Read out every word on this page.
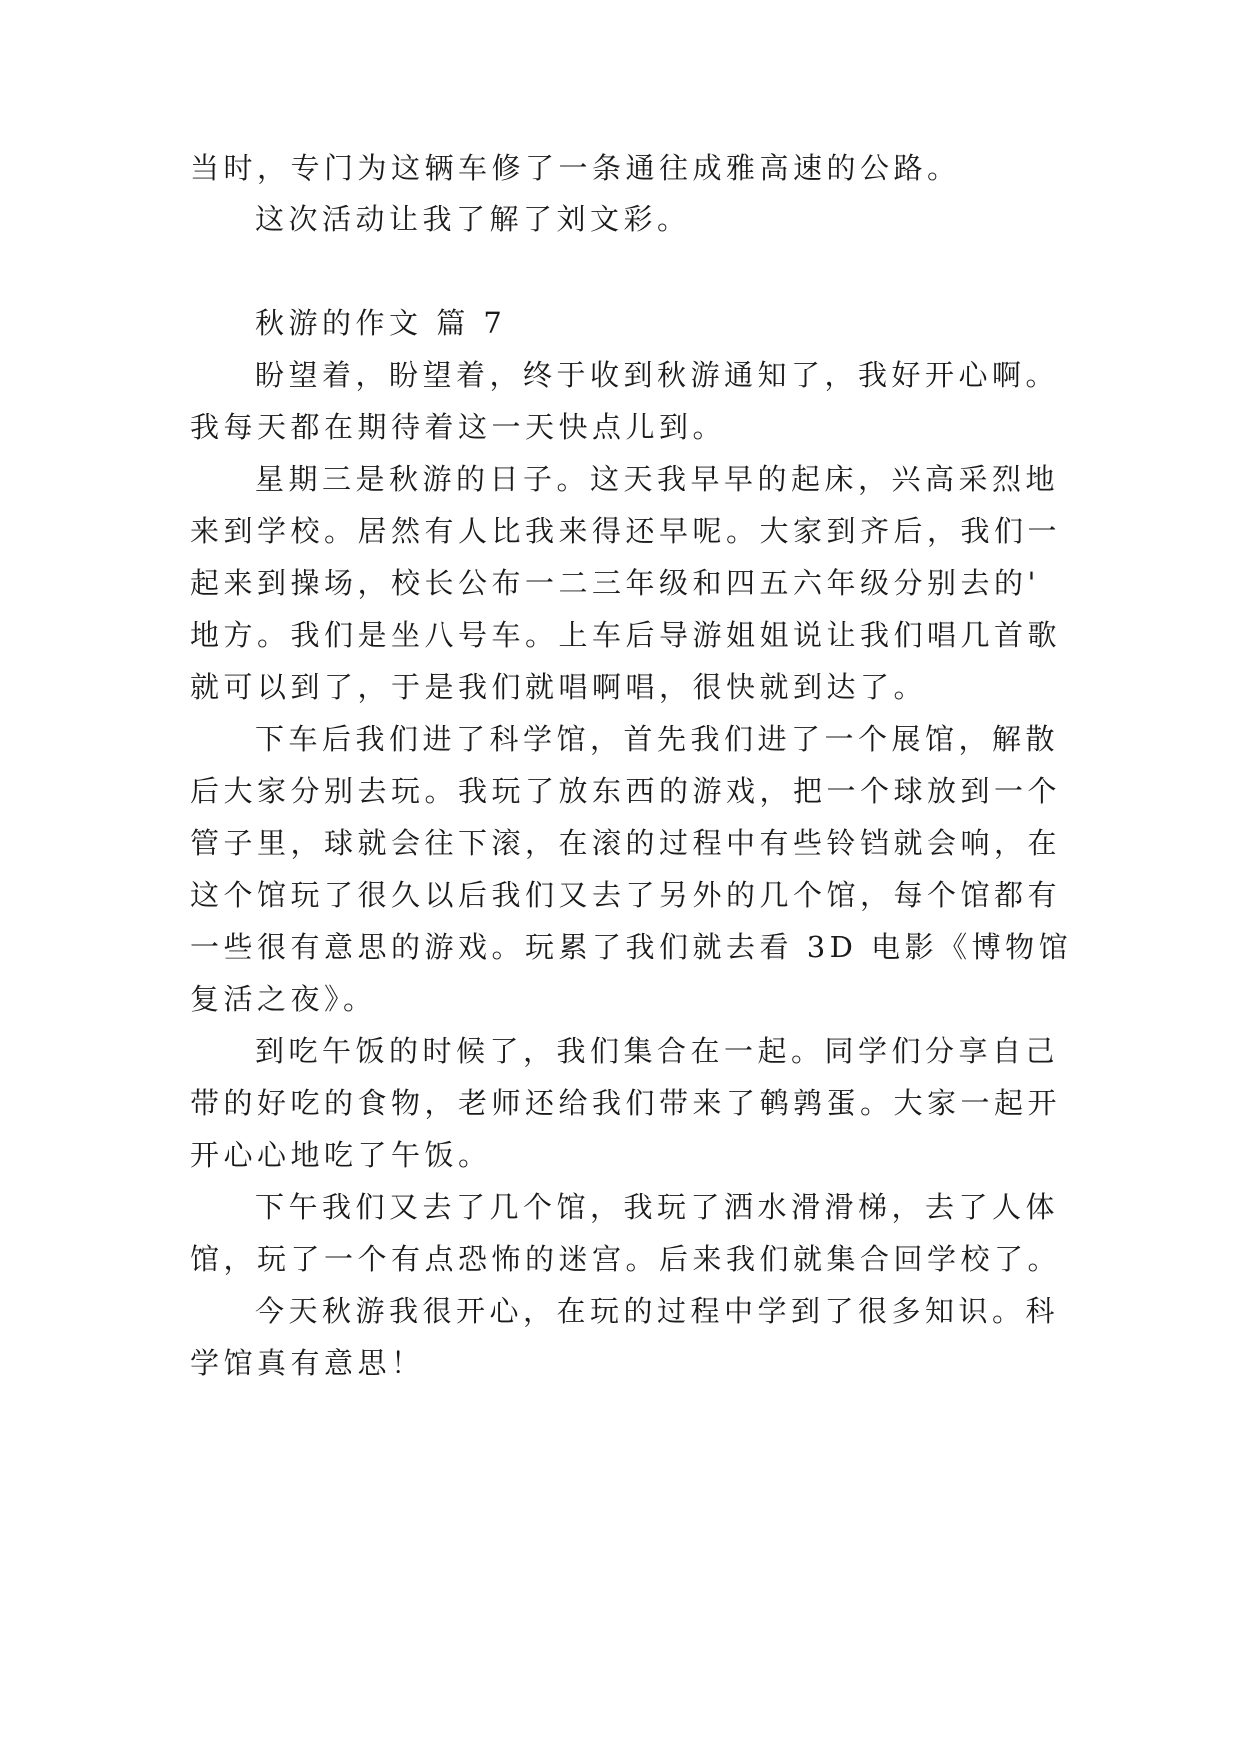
当时，专门为这辆车修了一条通往成雅高速的公路。
这次活动让我了解了刘文彩。
秋游的作文 篇 7
盼望着，盼望着，终于收到秋游通知了，我好开心啊。
我每天都在期待着这一天快点儿到。
星期三是秋游的日子。这天我早早的起床，兴高采烈地
来到学校。居然有人比我来得还早呢。大家到齐后，我们一
起来到操场，校长公布一二三年级和四五六年级分别去的'
地方。我们是坐八号车。上车后导游姐姐说让我们唱几首歌
就可以到了，于是我们就唱啊唱，很快就到达了。
下车后我们进了科学馆，首先我们进了一个展馆，解散
后大家分别去玩。我玩了放东西的游戏，把一个球放到一个
管子里，球就会往下滚，在滚的过程中有些铃铛就会响，在
这个馆玩了很久以后我们又去了另外的几个馆，每个馆都有
一些很有意思的游戏。玩累了我们就去看 3D 电影《博物馆
复活之夜》。
到吃午饭的时候了，我们集合在一起。同学们分享自己
带的好吃的食物，老师还给我们带来了鹌鹑蛋。大家一起开
开心心地吃了午饭。
下午我们又去了几个馆，我玩了洒水滑滑梯，去了人体
馆，玩了一个有点恐怖的迷宫。后来我们就集合回学校了。
今天秋游我很开心，在玩的过程中学到了很多知识。科
学馆真有意思！
